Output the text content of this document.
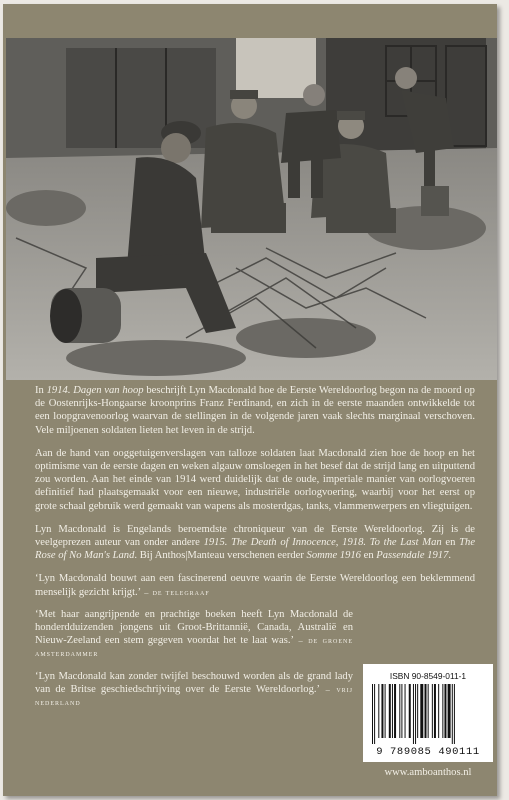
In 1914. Dagen van hoop beschrijft Lyn Macdonald hoe de Eerste Wereldoorlog begon na de moord op de Oostenrijks-Hongaarse kroonprins Franz Ferdinand, en zich in de eerste maanden ontwikkelde tot een loopgravenoorlog waarvan de stellingen in de volgende jaren vaak slechts marginaal verschoven. Vele miljoenen soldaten lieten het leven in de strijd.

Aan de hand van ooggetuigenverslagen van talloze soldaten laat Macdonald zien hoe de hoop en het optimisme van de eerste dagen en weken algauw omsloegen in het besef dat de strijd lang en uitputtend zou worden. Aan het einde van 1914 werd duidelijk dat de oude, imperiale manier van oorlogvoeren definitief had plaatsgemaakt voor een nieuwe, industriële oorlogvoering, waarbij voor het eerst op grote schaal gebruik werd gemaakt van wapens als mosterdgas, tanks, vlammenwerpers en vliegtuigen.

Lyn Macdonald is Engelands beroemdste chroniqueur van de Eerste Wereldoorlog. Zij is de veelgeprezen auteur van onder andere 1915. The Death of Innocence, 1918. To the Last Man en The Rose of No Man's Land. Bij Anthos|Manteau verschenen eerder Somme 1916 en Passendale 1917.

‘Lyn Macdonald bouwt aan een fascinerend oeuvre waarin de Eerste Wereldoorlog een beklemmend menselijk gezicht krijgt.’ – de telegraaf

‘Met haar aangrijpende en prachtige boeken heeft Lyn Macdonald de honderdduizenden jongens uit Groot-Brittannië, Canada, Australië en Nieuw-Zeeland een stem gegeven voordat het te laat was.’ – de groene amsterdammer

‘Lyn Macdonald kan zonder twijfel beschouwd worden als de grand lady van de Britse geschiedschrijving over de Eerste Wereldoorlog.’ – vrij nederland

ISBN 90-8549-011-1
9 789085 490111
www.amboanthos.nl
